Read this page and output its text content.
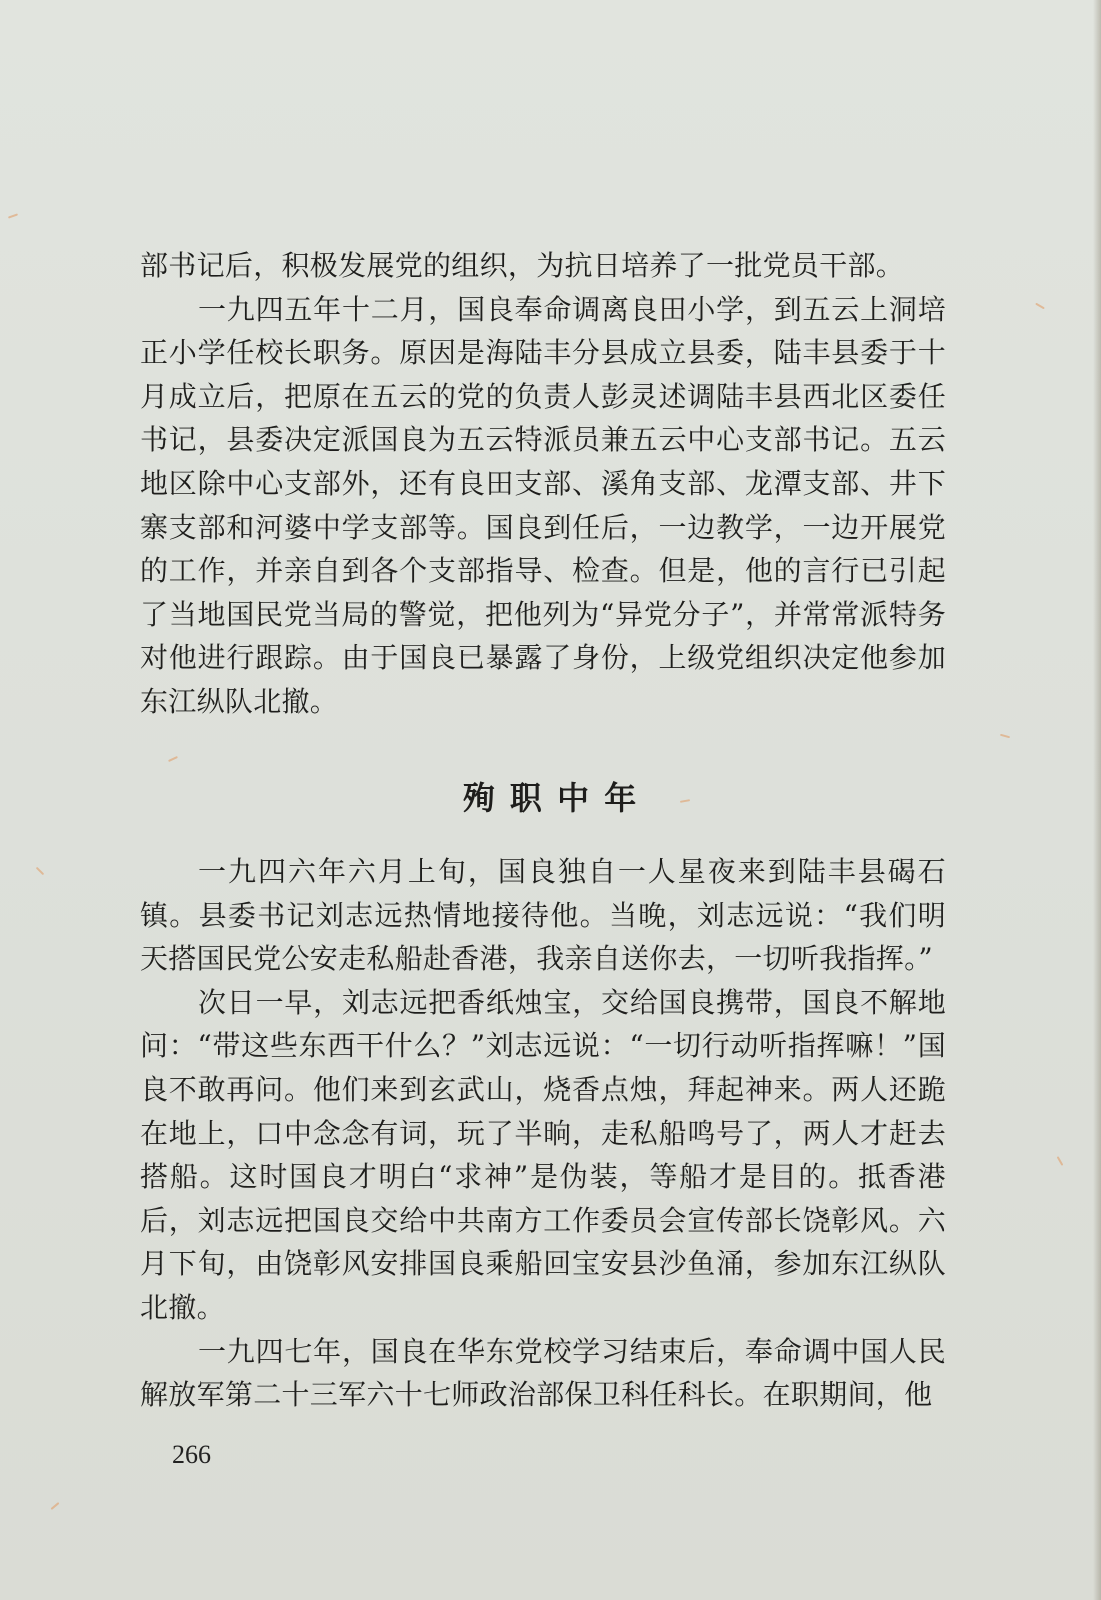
部书记后，积极发展党的组织，为抗日培养了一批党员干部。

一九四五年十二月，国良奉命调离良田小学，到五云上洞培正小学任校长职务。原因是海陆丰分县成立县委，陆丰县委于十月成立后，把原在五云的党的负责人彭灵述调陆丰县西北区委任书记，县委决定派国良为五云特派员兼五云中心支部书记。五云地区除中心支部外，还有良田支部、溪角支部、龙潭支部、井下寨支部和河婆中学支部等。国良到任后，一边教学，一边开展党的工作，并亲自到各个支部指导、检查。但是，他的言行已引起了当地国民党当局的警觉，把他列为“异党分子”，并常常派特务对他进行跟踪。由于国良已暴露了身份，上级党组织决定他参加东江纵队北撤。

殉 职 中 年

一九四六年六月上旬，国良独自一人星夜来到陆丰县碣石镇。县委书记刘志远热情地接待他。当晚，刘志远说：“我们明天搭国民党公安走私船赴香港，我亲自送你去，一切听我指挥。”

次日一早，刘志远把香纸烛宝，交给国良携带，国良不解地问：“带这些东西干什么？”刘志远说：“一切行动听指挥嘛！”国良不敢再问。他们来到玄武山，烧香点烛，拜起神来。两人还跪在地上，口中念念有词，玩了半晌，走私船鸣号了，两人才赶去搭船。这时国良才明白“求神”是伪装，等船才是目的。抵香港后，刘志远把国良交给中共南方工作委员会宣传部长饶彰风。六月下旬，由饶彰风安排国良乘船回宝安县沙鱼涌，参加东江纵队北撤。

一九四七年，国良在华东党校学习结束后，奉命调中国人民解放军第二十三军六十七师政治部保卫科任科长。在职期间，他

266
